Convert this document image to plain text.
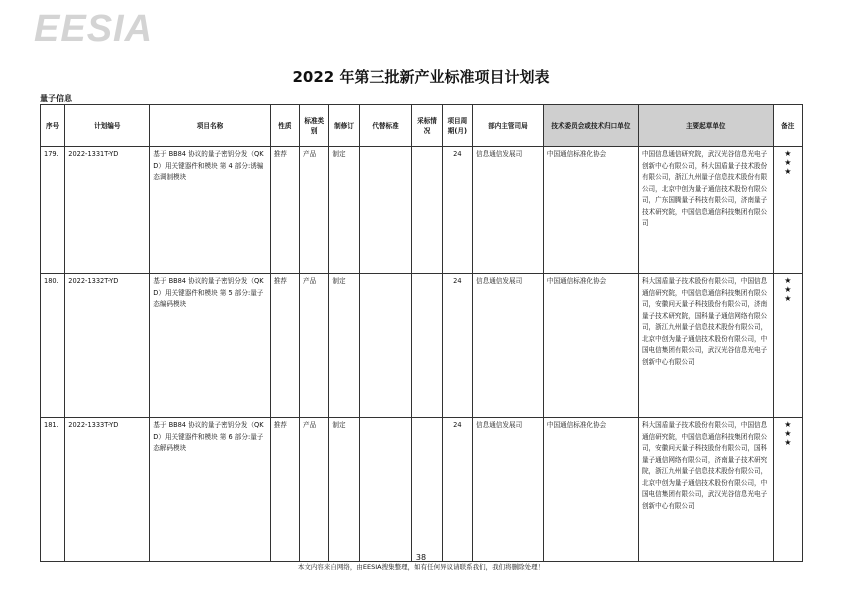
EESIA
2022 年第三批新产业标准项目计划表
量子信息
序号	计划编号	项目名称	性质	标准类别	制修订	代替标准	采标情况	项目周期(月)	部内主管司局	技术委员会或技术归口单位	主要起草单位	备注
179.	2022-1331T-YD	基于 BB84 协议的量子密钥分发（QKD）用关键器件和模块 第 4 部分:诱骗态调制模块	推荐	产品	制定			24	信息通信发展司	中国通信标准化协会	中国信息通信研究院，武汉光谷信息光电子创新中心有限公司，科大国盾量子技术股份有限公司，浙江九州量子信息技术股份有限公司，北京中创为量子通信技术股份有限公司，广东国腾量子科技有限公司，济南量子技术研究院，中国信息通信科技集团有限公司	★
★
★

180.	2022-1332T-YD	基于 BB84 协议的量子密钥分发（QKD）用关键器件和模块 第 5 部分:量子态编码模块	推荐	产品	制定			24	信息通信发展司	中国通信标准化协会	科大国盾量子技术股份有限公司，中国信息通信研究院，中国信息通信科技集团有限公司，安徽问天量子科技股份有限公司，济南量子技术研究院，国科量子通信网络有限公司，浙江九州量子信息技术股份有限公司，北京中创为量子通信技术股份有限公司，中国电信集团有限公司，武汉光谷信息光电子创新中心有限公司	★
★
★

181.	2022-1333T-YD	基于 BB84 协议的量子密钥分发（QKD）用关键器件和模块 第 6 部分:量子态解码模块	推荐	产品	制定			24	信息通信发展司	中国通信标准化协会	科大国盾量子技术股份有限公司，中国信息通信研究院，中国信息通信科技集团有限公司，安徽问天量子科技股份有限公司，国科量子通信网络有限公司，济南量子技术研究院，浙江九州量子信息技术股份有限公司，北京中创为量子通信技术股份有限公司，中国电信集团有限公司，武汉光谷信息光电子创新中心有限公司	★
★
★
38
本文内容来自网络，由EESIA搜集整理，如有任何异议请联系我们，我们将删除处理！
